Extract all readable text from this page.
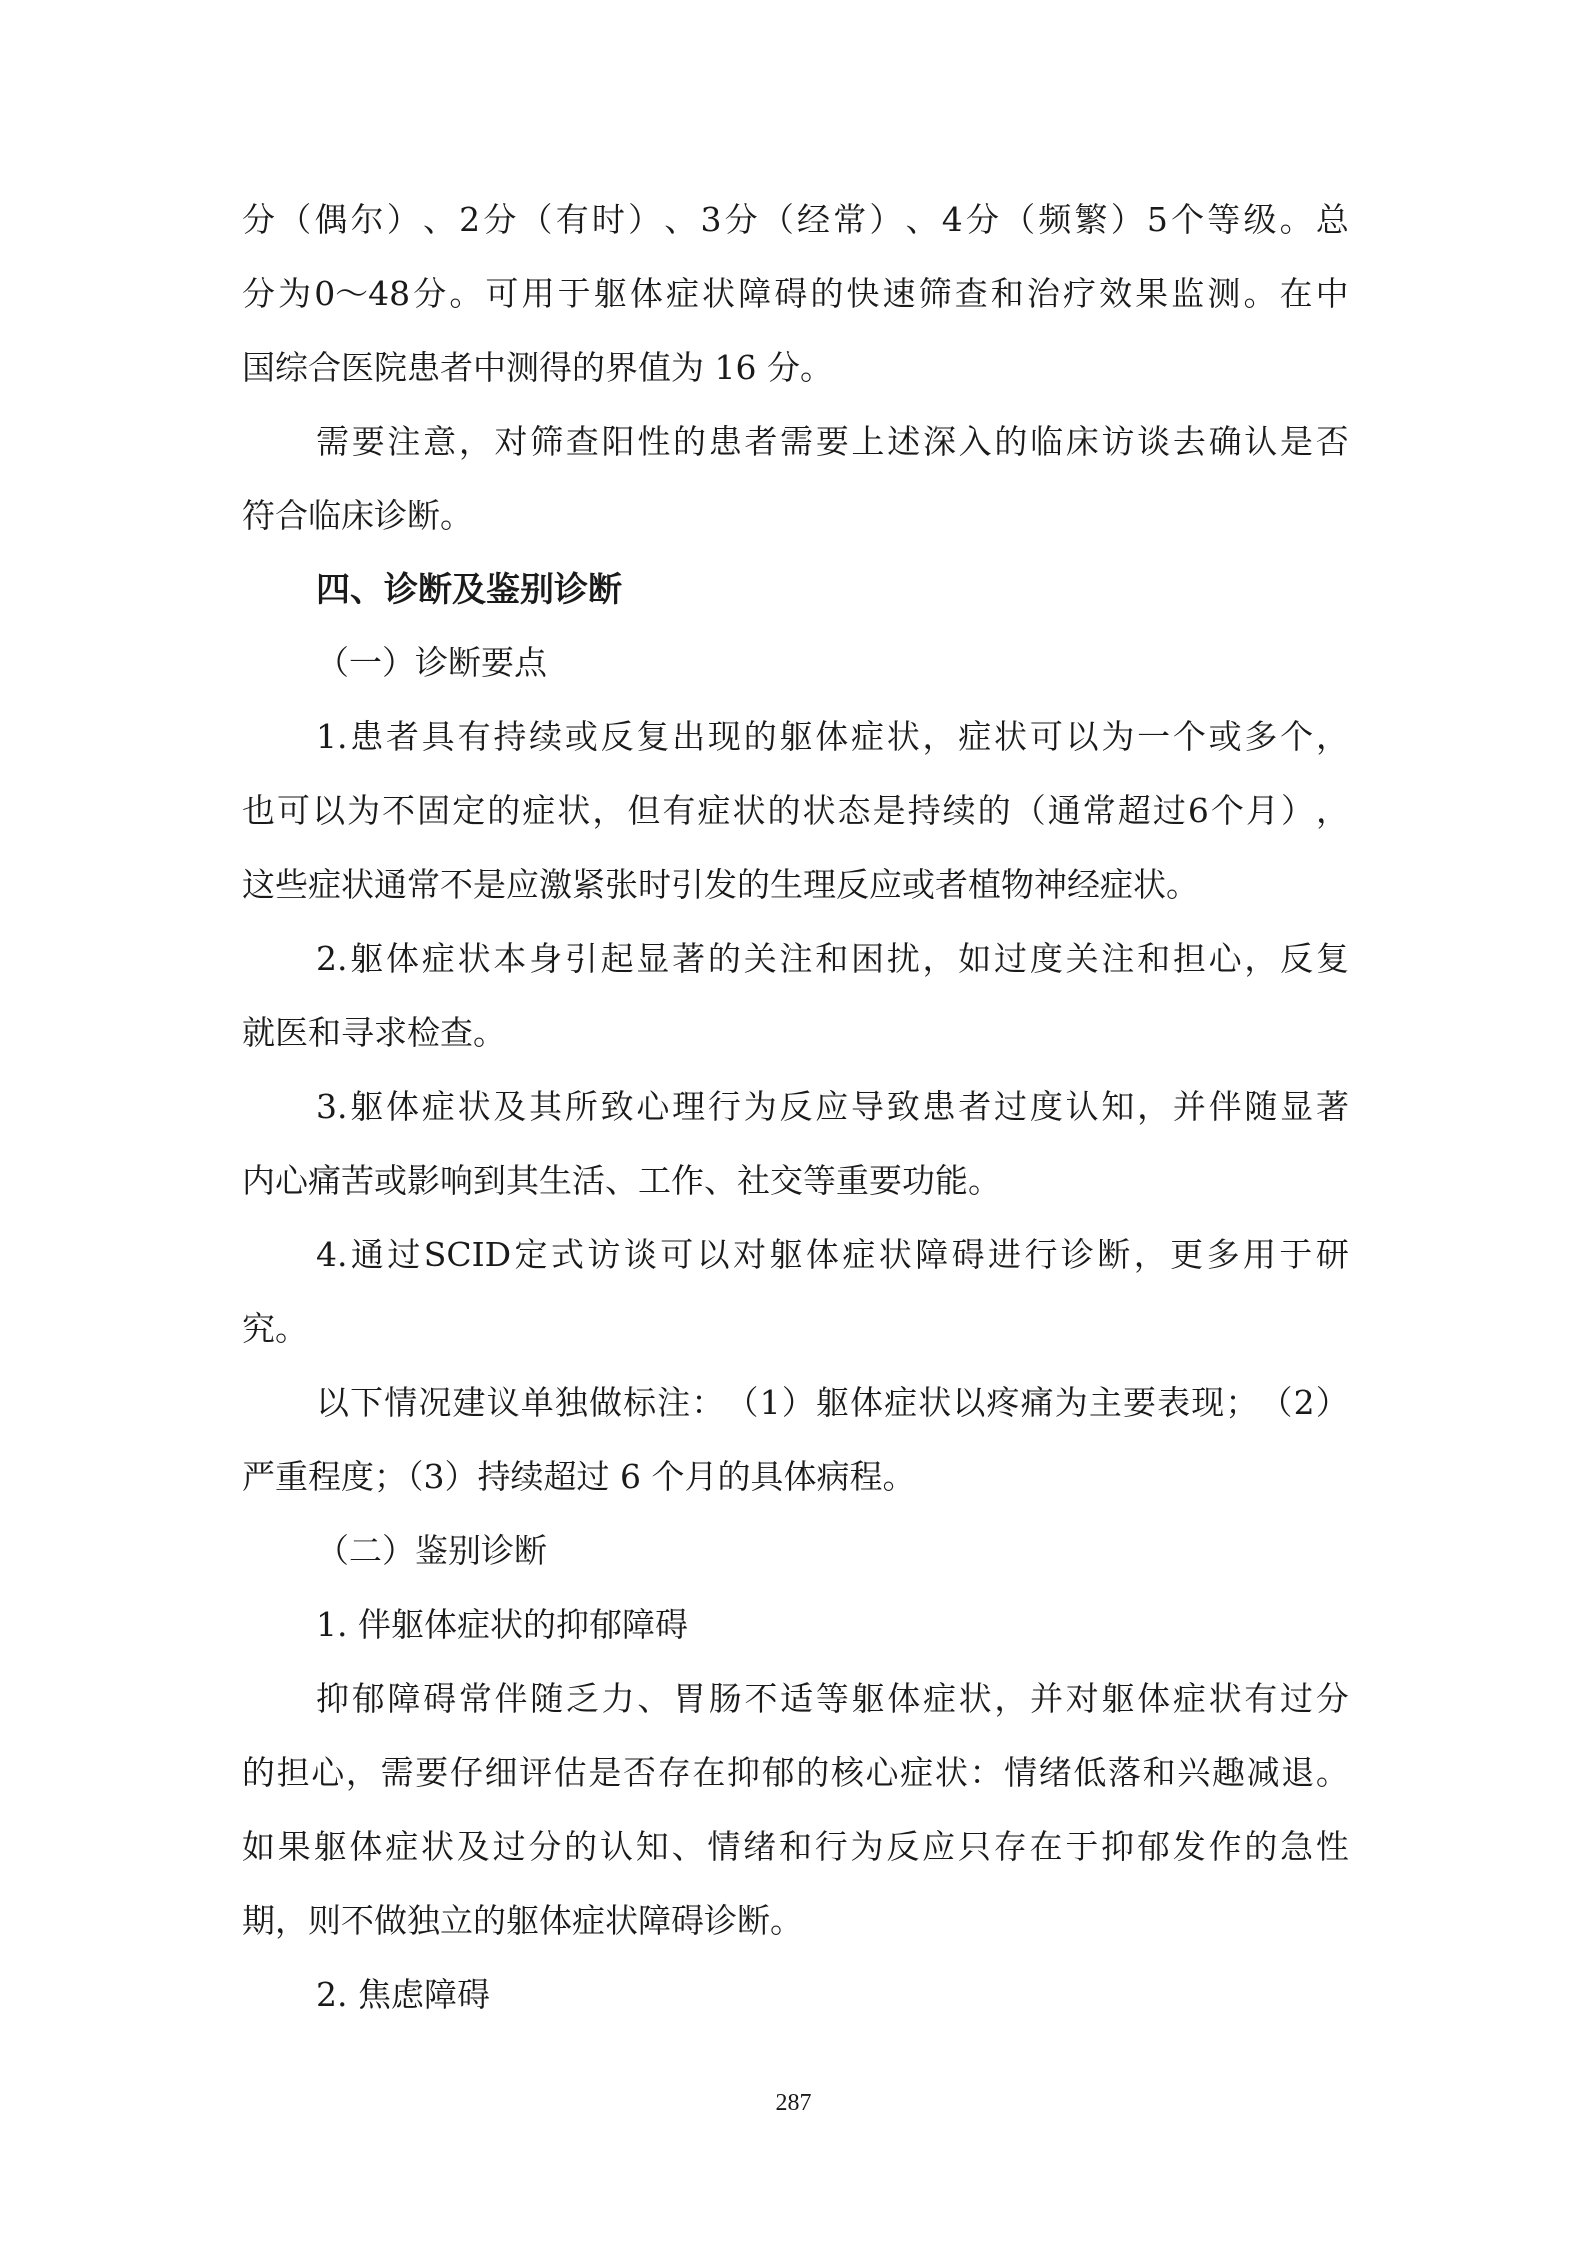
分 （ 偶 尔 ） 、 2 分 （ 有 时 ） 、 3 分 （ 经 常 ） 、 4 分 （ 频 繁 ） 5 个 等 级 。 总

分 为 0～48 分 。 可 用 于 躯 体 症 状 障 碍 的 快 速 筛 查 和 治 疗 效 果 监 测 。 在 中

国综合医院患者中测得的界值为 16 分。

需 要 注 意 ， 对 筛 查 阳 性 的 患 者 需 要 上 述 深 入 的 临 床 访 谈 去 确 认 是 否

符合临床诊断。

四、诊断及鉴别诊断

（一）诊断要点

1. 患 者 具 有 持 续 或 反 复 出 现 的 躯 体 症 状 ， 症 状 可 以 为 一 个 或 多 个 ，

也 可 以 为 不 固 定 的 症 状 ， 但 有 症 状 的 状 态 是 持 续 的 （ 通 常 超 过 6 个 月 ） ，

这些症状通常不是应激紧张时引发的生理反应或者植物神经症状。

2. 躯 体 症 状 本 身 引 起 显 著 的 关 注 和 困 扰 ， 如 过 度 关 注 和 担 心 ， 反 复

就医和寻求检查。

3. 躯 体 症 状 及 其 所 致 心 理 行 为 反 应 导 致 患 者 过 度 认 知 ， 并 伴 随 显 著

内心痛苦或影响到其生活、工作、社交等重要功能。

4. 通 过 SCID 定 式 访 谈 可 以 对 躯 体 症 状 障 碍 进 行 诊 断 ， 更 多 用 于 研

究。

以 下 情 况 建 议 单 独 做 标 注 ： （ 1 ） 躯 体 症 状 以 疼 痛 为 主 要 表 现 ； （ 2 ）

严重程度；（3）持续超过 6 个月的具体病程。

（二）鉴别诊断

1. 伴躯体症状的抑郁障碍

抑 郁 障 碍 常 伴 随 乏 力 、 胃 肠 不 适 等 躯 体 症 状 ， 并 对 躯 体 症 状 有 过 分

的 担 心 ， 需 要 仔 细 评 估 是 否 存 在 抑 郁 的 核 心 症 状 ： 情 绪 低 落 和 兴 趣 减 退 。

如 果 躯 体 症 状 及 过 分 的 认 知 、 情 绪 和 行 为 反 应 只 存 在 于 抑 郁 发 作 的 急 性

期，则不做独立的躯体症状障碍诊断。

2. 焦虑障碍

287
